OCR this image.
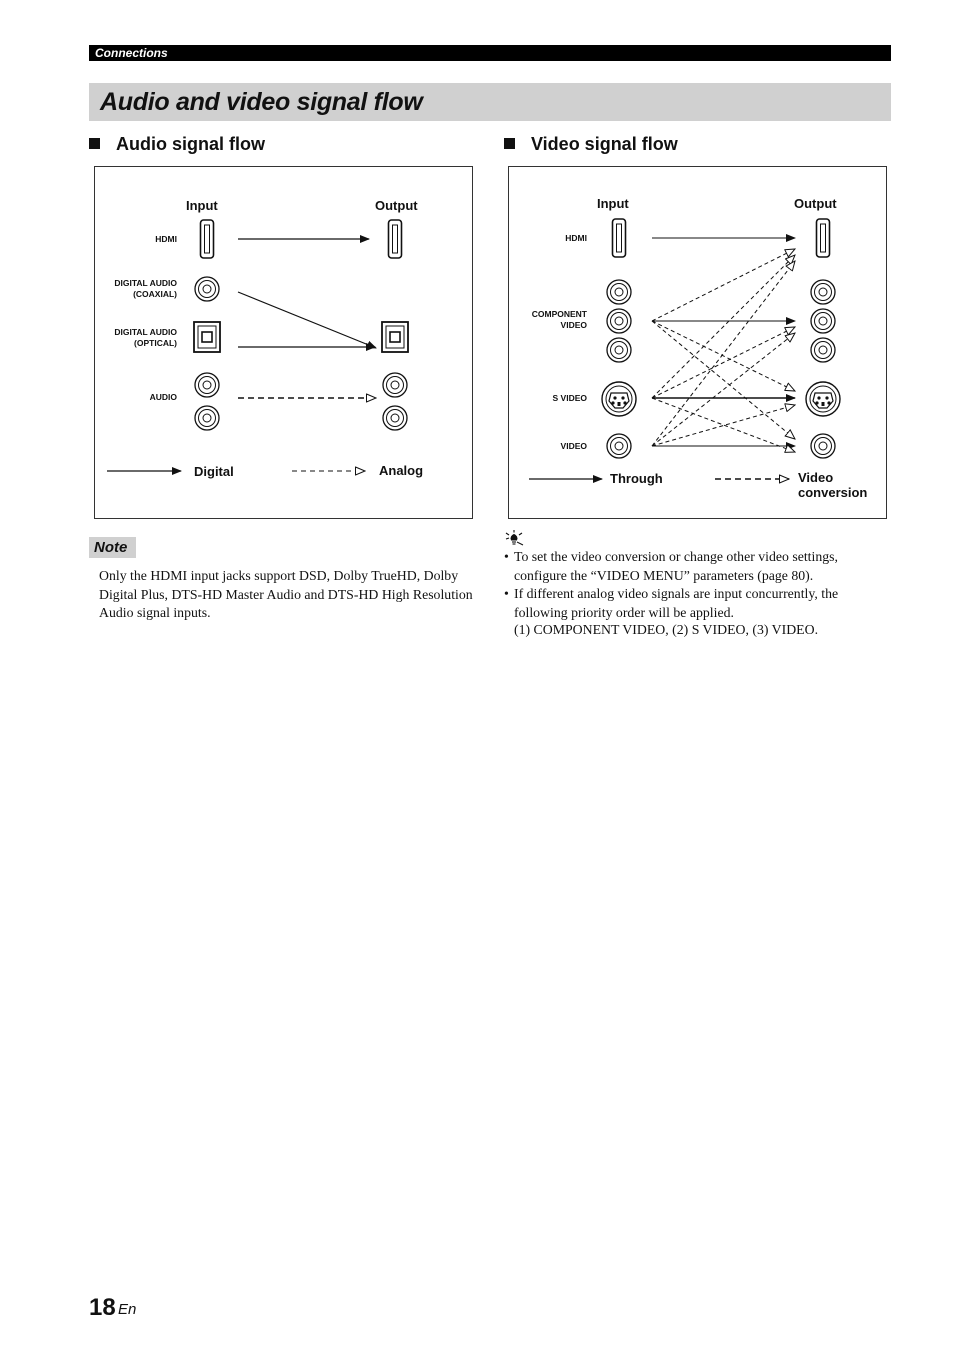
Connections
Audio and video signal flow
Audio signal flow	Video signal flow
Input	Output
HDMI
DIGITAL AUDIO
(COAXIAL)
DIGITAL AUDIO
(OPTICAL)
AUDIO
Digital	Analog
Input	Output
HDMI
COMPONENT
VIDEO
S VIDEO
VIDEO
Through	Video
conversion
Note
Only the HDMI input jacks support DSD, Dolby TrueHD, Dolby Digital Plus, DTS-HD Master Audio and DTS-HD High Resolution Audio signal inputs.
• To set the video conversion or change other video settings, configure the “VIDEO MENU” parameters (page 80).
• If different analog video signals are input concurrently, the following priority order will be applied.
(1) COMPONENT VIDEO, (2) S VIDEO, (3) VIDEO.
18 En
